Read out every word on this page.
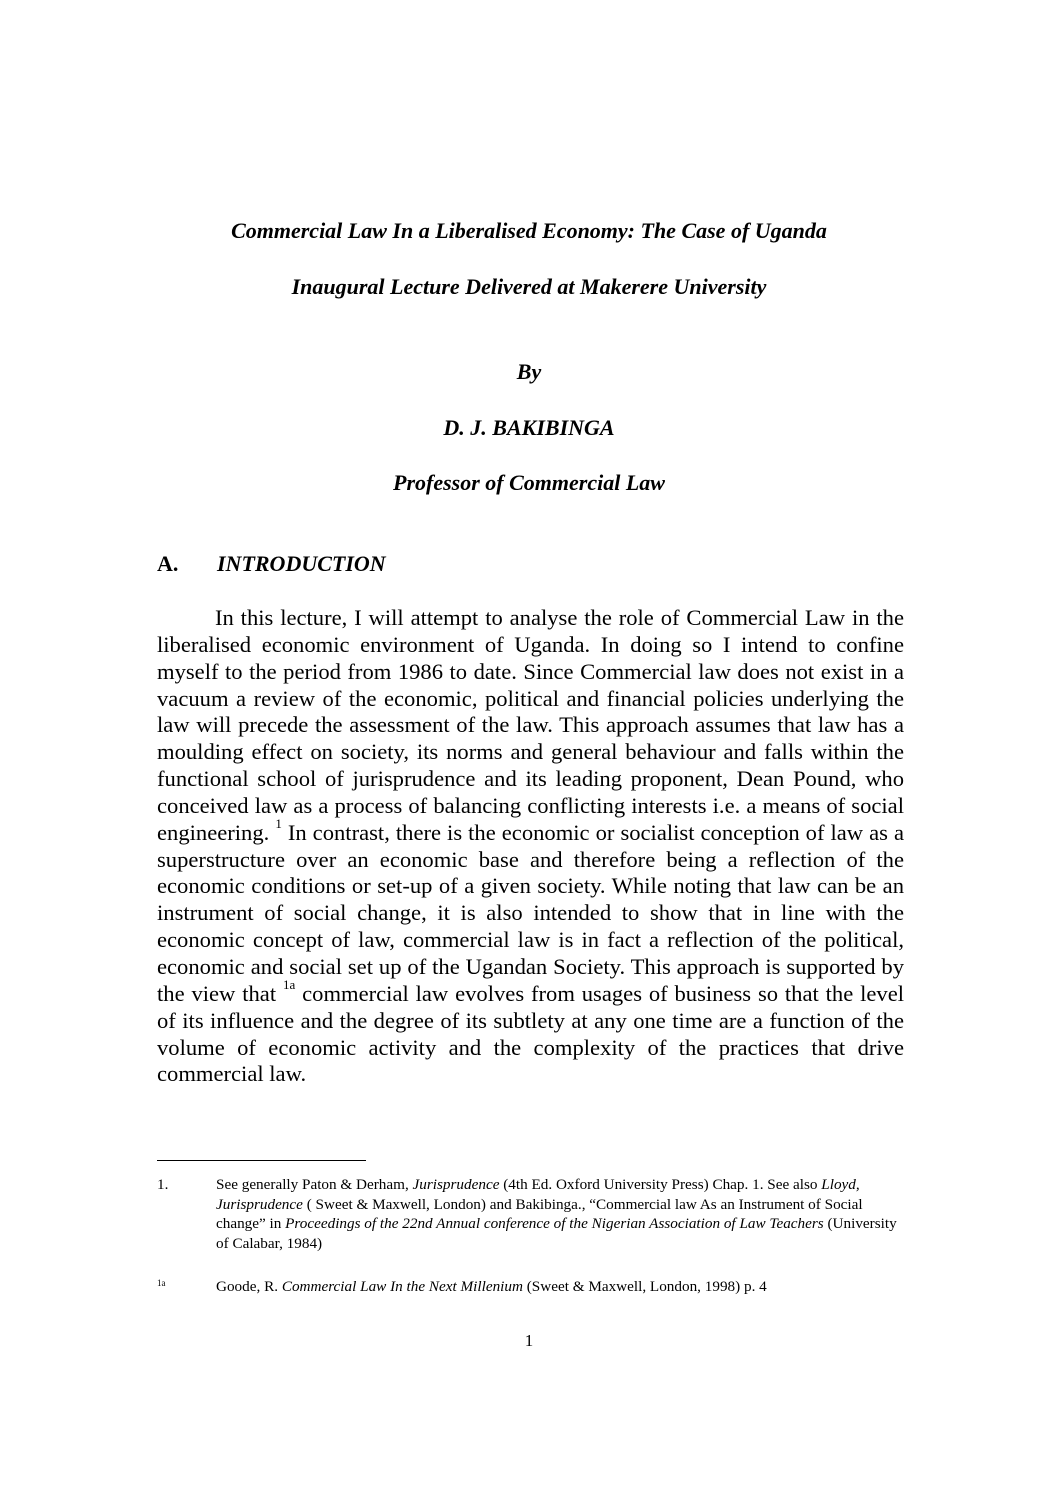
Commercial Law In a Liberalised Economy: The Case of Uganda
Inaugural Lecture Delivered at Makerere University
By
D. J. BAKIBINGA
Professor of Commercial Law
A. INTRODUCTION

In this lecture, I will attempt to analyse the role of Commercial Law in the liberalised economic environment of Uganda. In doing so I intend to confine myself to the period from 1986 to date. Since Commercial law does not exist in a vacuum a review of the economic, political and financial policies underlying the law will precede the assessment of the law. This approach assumes that law has a moulding effect on society, its norms and general behaviour and falls within the functional school of jurisprudence and its leading proponent, Dean Pound, who conceived law as a process of balancing conflicting interests i.e. a means of social engineering. $^1$ In contrast, there is the economic or socialist conception of law as a superstructure over an economic base and therefore being a reflection of the economic conditions or set-up of a given society. While noting that law can be an instrument of social change, it is also intended to show that in line with the economic concept of law, commercial law is in fact a reflection of the political, economic and social set up of the Ugandan Society. This approach is supported by the view that $^{1a}$ commercial law evolves from usages of business so that the level of its influence and the degree of its subtlety at any one time are a function of the volume of economic activity and the complexity of the practices that drive commercial law.

1.	See generally Paton & Derham, Jurisprudence (4th Ed. Oxford University Press) Chap. 1. See also Lloyd, Jurisprudence ( Sweet & Maxwell, London) and Bakibinga., “Commercial law As an Instrument of Social change” in Proceedings of the 22nd Annual conference of the Nigerian Association of Law Teachers (University of Calabar, 1984)
1a	Goode, R. Commercial Law In the Next Millenium (Sweet & Maxwell, London, 1998) p. 4
1
